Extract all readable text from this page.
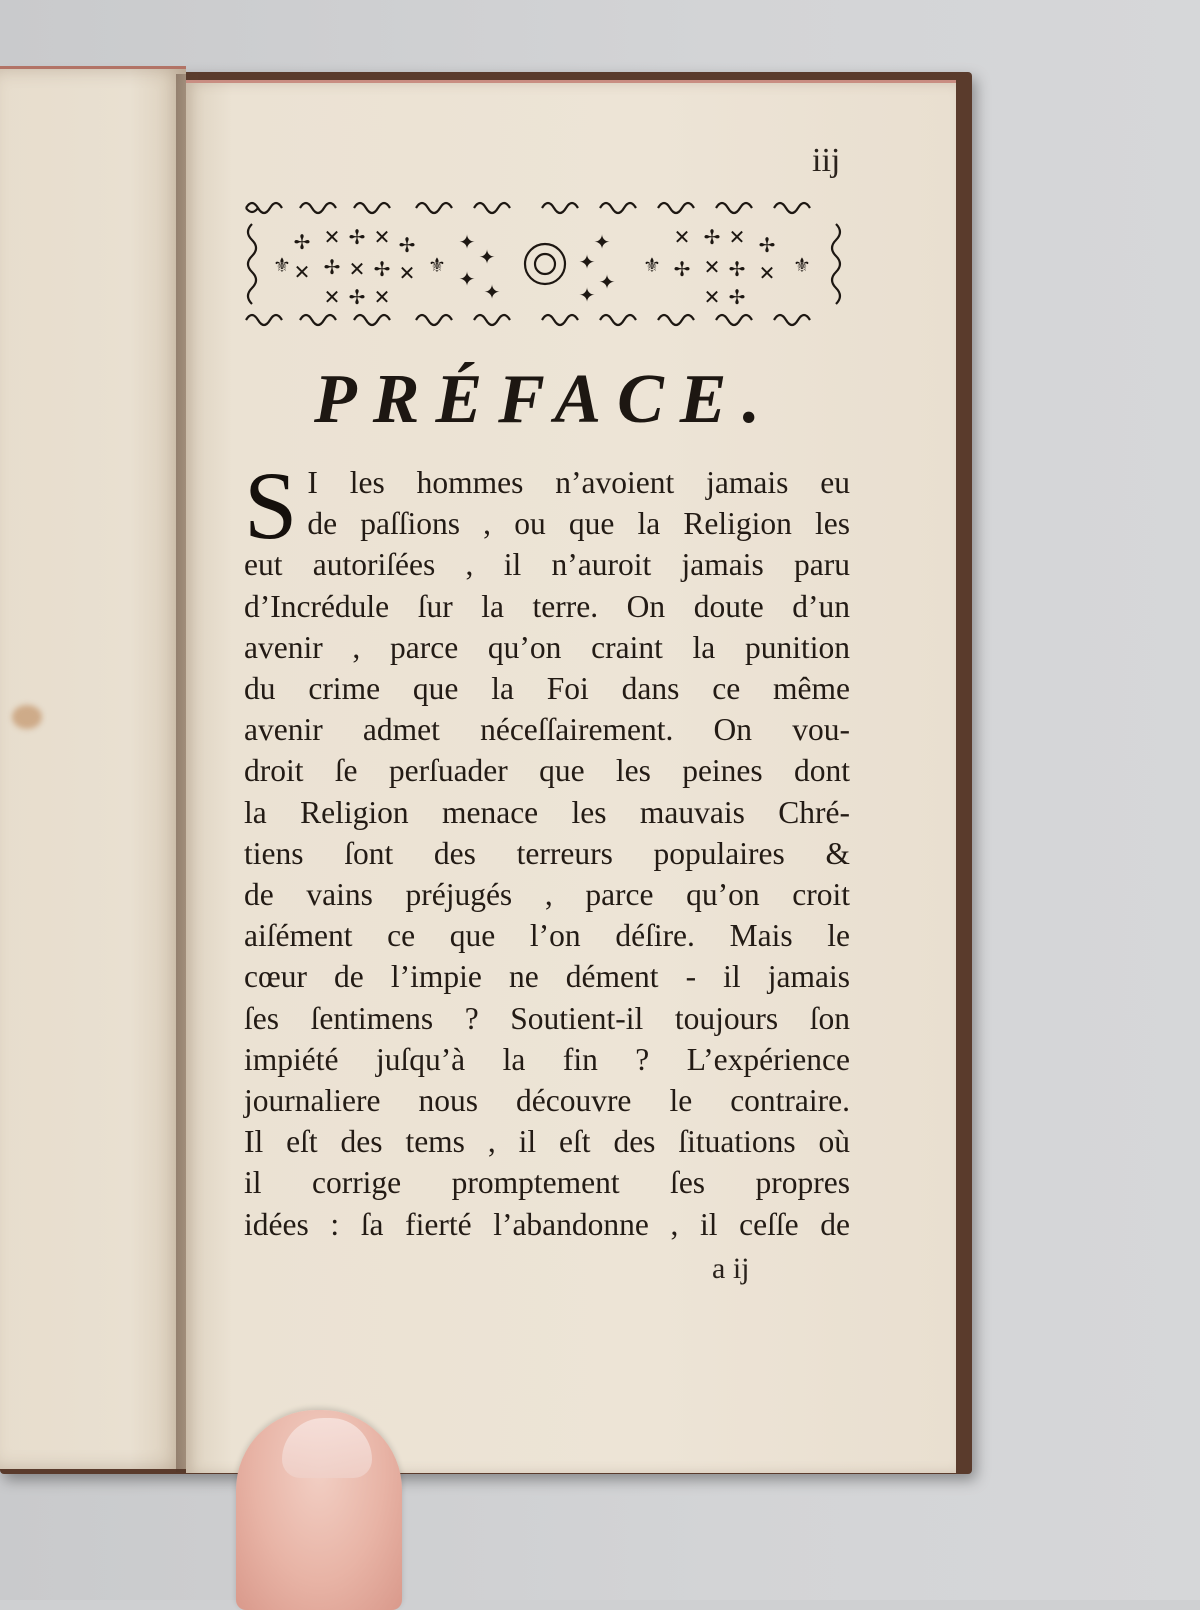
iij
✢ ✕ ✢ ✕ ✢
✕ ✢ ✕ ✢ ✕
✕ ✢ ✕
⚜	⚜
✦
✦
✦
✦
✦
✦
✦
✦
⚜	⚜
✕ ✢ ✕ ✢
✢ ✕ ✢ ✕
✕ ✢
PRÉFACE.
S I les hommes n’avoient jamais eu
de paſſions , ou que la Religion les
eut autoriſées , il n’auroit jamais paru
d’Incrédule ſur la terre. On doute d’un
avenir , parce qu’on craint la punition
du crime que la Foi dans ce même
avenir admet néceſſairement. On vou-
droit ſe perſuader que les peines dont
la Religion menace les mauvais Chré-
tiens ſont des terreurs populaires &
de vains préjugés , parce qu’on croit
aiſément ce que l’on déſire. Mais le
cœur de l’impie ne dément - il jamais
ſes ſentimens ? Soutient-il toujours ſon
impiété juſqu’à la fin ? L’expérience
journaliere nous découvre le contraire.
Il eſt des tems , il eſt des ſituations où
il corrige promptement ſes propres
idées : ſa fierté l’abandonne , il ceſſe de
a ij
